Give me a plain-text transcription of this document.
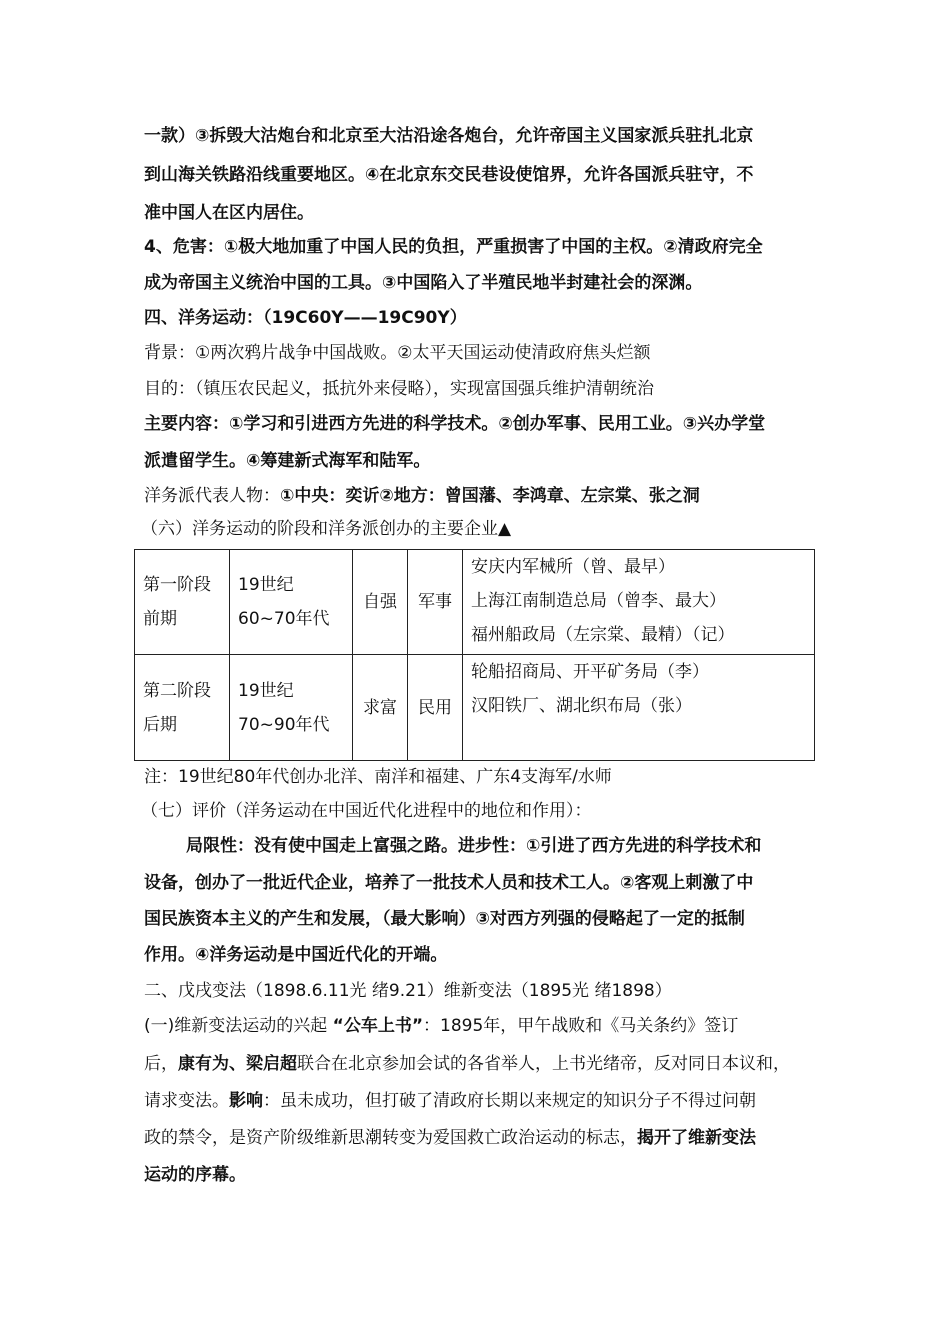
一款）③拆毁大沽炮台和北京至大沽沿途各炮台，允许帝国主义国家派兵驻扎北京
到山海关铁路沿线重要地区。④在北京东交民巷设使馆界，允许各国派兵驻守，不
准中国人在区内居住。
4、危害：①极大地加重了中国人民的负担，严重损害了中国的主权。②清政府完全
成为帝国主义统治中国的工具。③中国陷入了半殖民地半封建社会的深渊。
四、洋务运动：（19C60Y——19C90Y）
背景：①两次鸦片战争中国战败。②太平天国运动使清政府焦头烂额
目的：（镇压农民起义，抵抗外来侵略），实现富国强兵维护清朝统治
主要内容：①学习和引进西方先进的科学技术。②创办军事、民用工业。③兴办学堂
派遣留学生。④筹建新式海军和陆军。
洋务派代表人物：①中央：奕䜣②地方：曾国藩、李鸿章、左宗棠、张之洞
（六）洋务运动的阶段和洋务派创办的主要企业▲
第一阶段
前期	19世纪
60~70年代	自强	军事	安庆内军械所（曾、最早）
上海江南制造总局（曾李、最大）
福州船政局（左宗棠、最精）（记）

第二阶段
后期	19世纪
70~90年代	求富	民用	轮船招商局、开平矿务局（李）
汉阳铁厂、湖北织布局（张）
注：19世纪80年代创办北洋、南洋和福建、广东4支海军/水师
（七）评价（洋务运动在中国近代化进程中的地位和作用）：
局限性：没有使中国走上富强之路。进步性：①引进了西方先进的科学技术和
设备，创办了一批近代企业，培养了一批技术人员和技术工人。②客观上刺激了中
国民族资本主义的产生和发展，（最大影响）③对西方列强的侵略起了一定的抵制
作用。④洋务运动是中国近代化的开端。
二、戊戌变法（1898.6.11光 绪9.21）维新变法（1895光 绪1898）
(一)维新变法运动的兴起 “公车上书”：1895年，甲午战败和《马关条约》签订
后，康有为、梁启超联合在北京参加会试的各省举人，上书光绪帝，反对同日本议和，
请求变法。影响：虽未成功，但打破了清政府长期以来规定的知识分子不得过问朝
政的禁令，是资产阶级维新思潮转变为爱国救亡政治运动的标志，揭开了维新变法
运动的序幕。
